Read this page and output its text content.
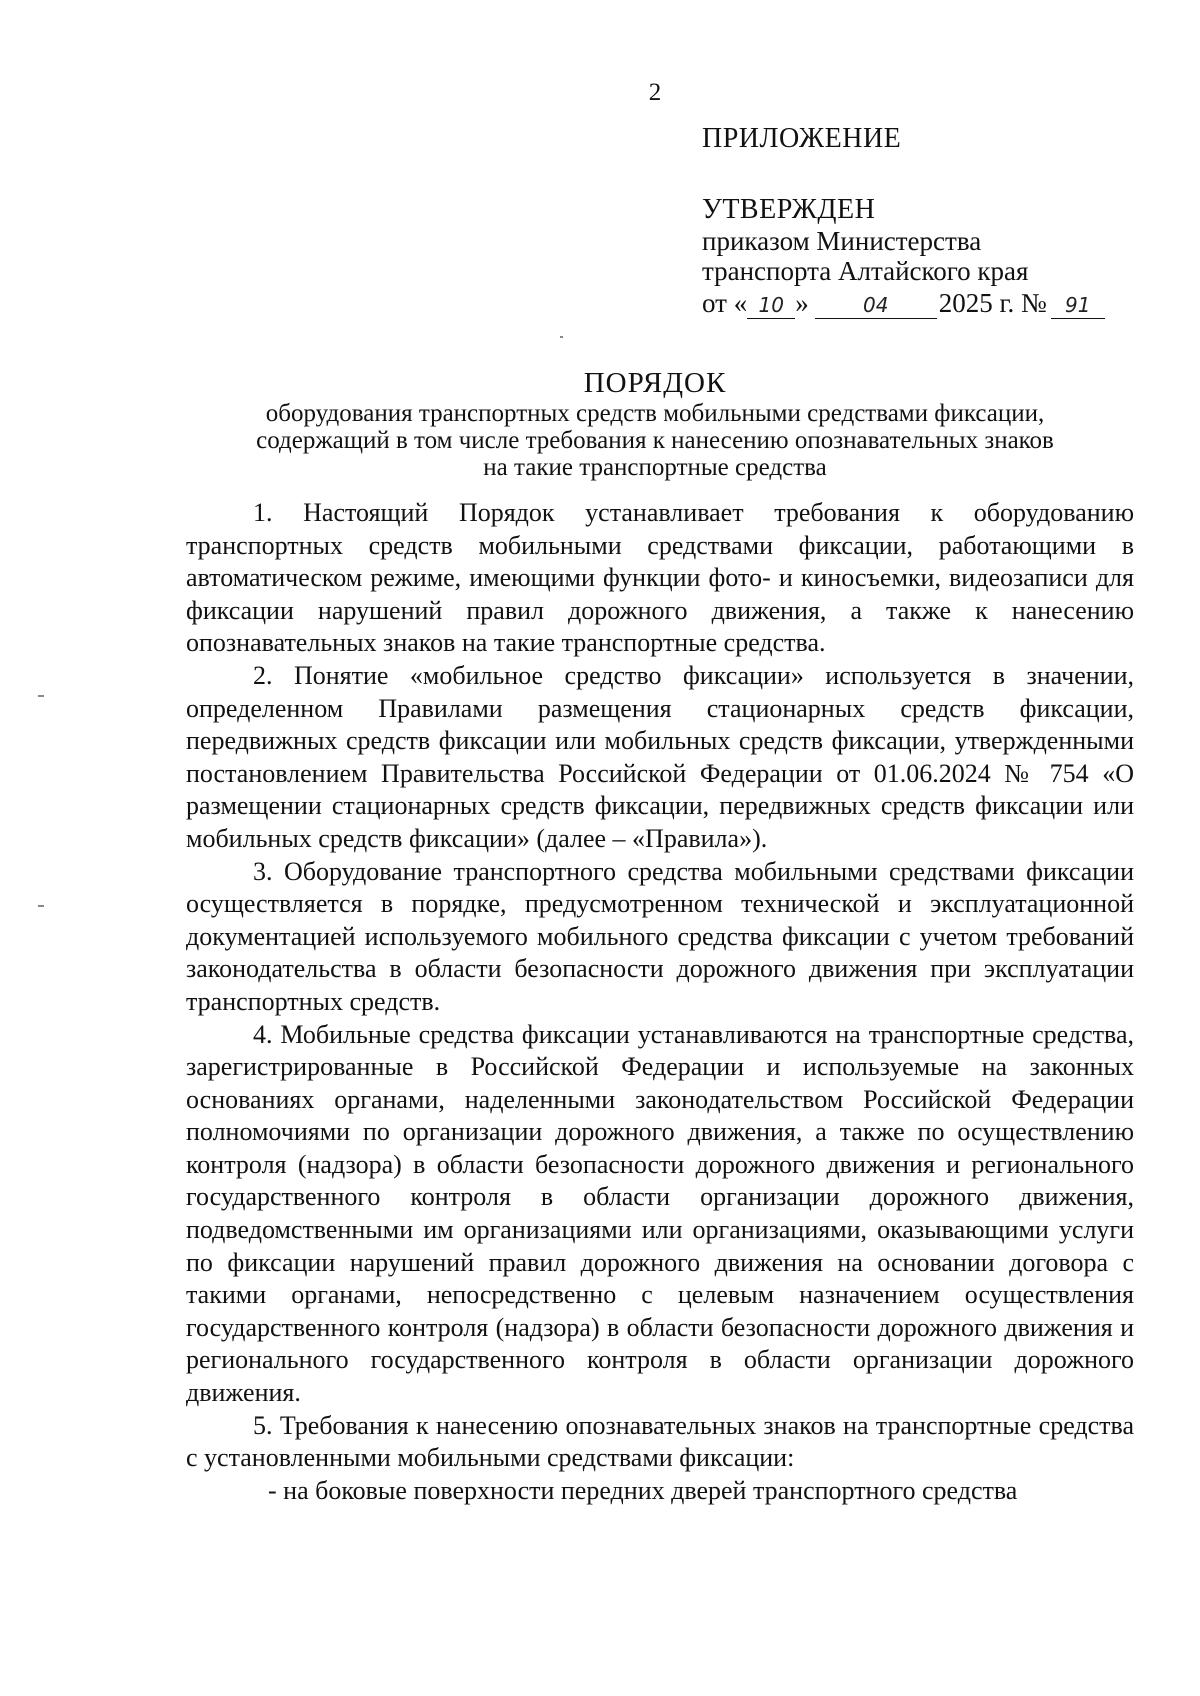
2
ПРИЛОЖЕНИЕ
УТВЕРЖДЕН
приказом Министерства
транспорта Алтайского края
от « 10 »	04 2025 г. № 91
ПОРЯДОК
оборудования транспортных средств мобильными средствами фиксации,
содержащий в том числе требования к нанесению опознавательных знаков
на такие транспортные средства

1. Настоящий Порядок устанавливает требования к оборудованию транспортных средств мобильными средствами фиксации, работающими в автоматическом режиме, имеющими функции фото- и киносъемки, видеозаписи для фиксации нарушений правил дорожного движения, а также к нанесению опознавательных знаков на такие транспортные средства.

2. Понятие «мобильное средство фиксации» используется в значении, определенном Правилами размещения стационарных средств фиксации, передвижных средств фиксации или мобильных средств фиксации, утвержденными постановлением Правительства Российской Федерации от 01.06.2024 № 754 «О размещении стационарных средств фиксации, передвижных средств фиксации или мобильных средств фиксации» (далее – «Правила»).

3. Оборудование транспортного средства мобильными средствами фиксации осуществляется в порядке, предусмотренном технической и эксплуатационной документацией используемого мобильного средства фиксации с учетом требований законодательства в области безопасности дорожного движения при эксплуатации транспортных средств.

4. Мобильные средства фиксации устанавливаются на транспортные средства, зарегистрированные в Российской Федерации и используемые на законных основаниях органами, наделенными законодательством Российской Федерации полномочиями по организации дорожного движения, а также по осуществлению контроля (надзора) в области безопасности дорожного движения и регионального государственного контроля в области организации дорожного движения, подведомственными им организациями или организациями, оказывающими услуги по фиксации нарушений правил дорожного движения на основании договора с такими органами, непосредственно с целевым назначением осуществления государственного контроля (надзора) в области безопасности дорожного движения и регионального государственного контроля в области организации дорожного движения.

5. Требования к нанесению опознавательных знаков на транспортные средства с установленными мобильными средствами фиксации:

- на боковые поверхности передних дверей транспортного средства
